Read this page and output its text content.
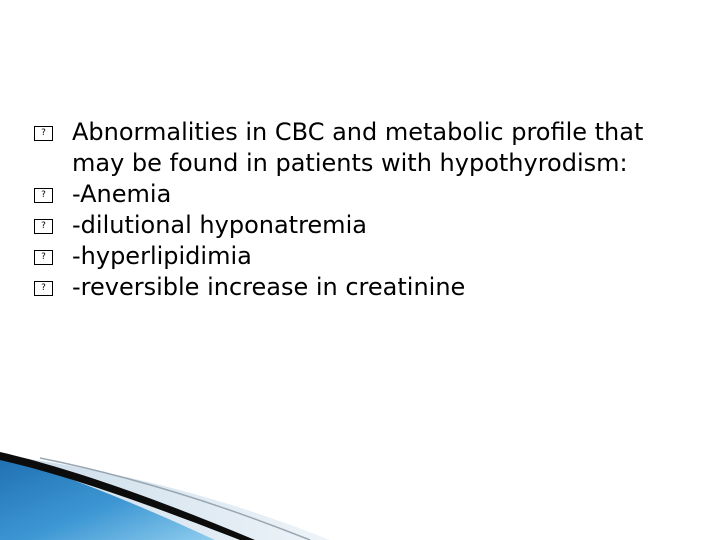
? Abnormalities in CBC and metabolic profile that may be found in patients with hypothyrodism:
? -Anemia
? -dilutional hyponatremia
? -hyperlipidimia
? -reversible increase in creatinine
